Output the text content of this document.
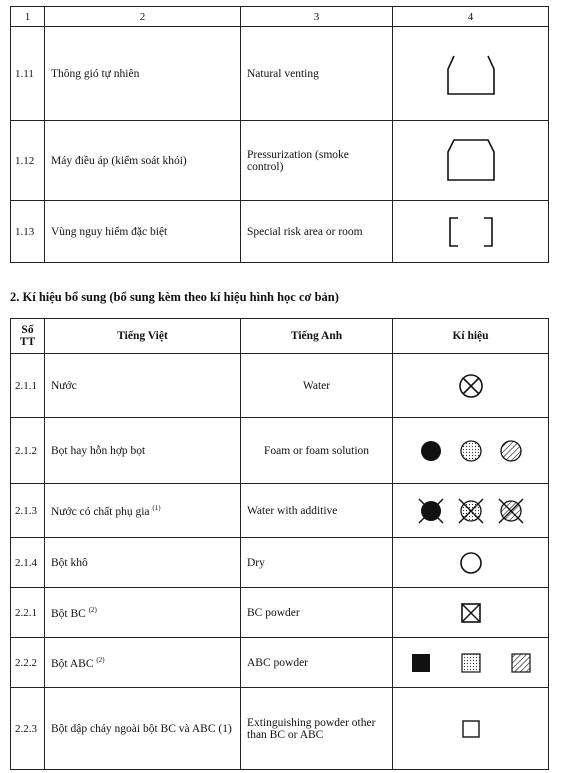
1	2	3	4
1.11	Thông gió tự nhiên	Natural venting	

1.12	Máy điều áp (kiểm soát khói)	Pressurization (smoke control)	

1.13	Vùng nguy hiểm đặc biệt	Special risk area or room	
2. Kí hiệu bổ sung (bổ sung kèm theo kí hiệu hình học cơ bản)
Số TT	Tiếng Việt	Tiếng Anh	Kí hiệu
2.1.1	Nước	Water	

2.1.2	Bọt hay hỗn hợp bọt	Foam or foam solution	

2.1.3	Nước có chất phụ gia $^{(1)}$	Water with additive	

2.1.4	Bột khô	Dry	

2.2.1	Bột BC $^{(2)}$	BC powder	

2.2.2	Bột ABC $^{(2)}$	ABC powder	

2.2.3	Bột dập cháy ngoài bột BC và ABC (1)	Extinguishing powder other than BC or ABC	
